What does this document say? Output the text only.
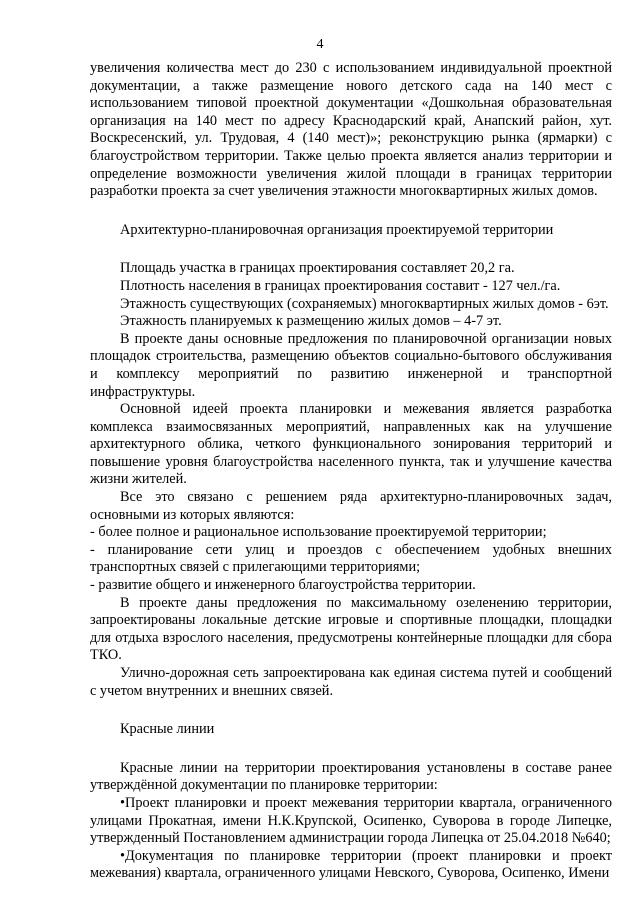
4

увеличения количества мест до 230 с использованием индивидуальной проектной документации, а также размещение нового детского сада на 140 мест с использованием типовой проектной документации «Дошкольная образовательная организация на 140 мест по адресу Краснодарский край, Анапский район, хут. Воскресенский, ул. Трудовая, 4 (140 мест)»; реконструкцию рынка (ярмарки) с благоустройством территории. Также целью проекта является анализ территории и определение возможности увеличения жилой площади в границах территории разработки проекта за счет увеличения этажности многоквартирных жилых домов.

Архитектурно-планировочная организация проектируемой территории

Площадь участка в границах проектирования составляет 20,2 га.

Плотность населения в границах проектирования составит - 127 чел./га.

Этажность существующих (сохраняемых) многоквартирных жилых домов - 6эт.

Этажность планируемых к размещению жилых домов – 4-7 эт.

В проекте даны основные предложения по планировочной организации новых площадок строительства, размещению объектов социально-бытового обслуживания и комплексу мероприятий по развитию инженерной и транспортной инфраструктуры.

Основной идеей проекта планировки и межевания является разработка комплекса взаимосвязанных мероприятий, направленных как на улучшение архитектурного облика, четкого функционального зонирования территорий и повышение уровня благоустройства населенного пункта, так и улучшение качества жизни жителей.

Все это связано с решением ряда архитектурно-планировочных задач, основными из которых являются:

- более полное и рациональное использование проектируемой территории;

- планирование сети улиц и проездов с обеспечением удобных внешних транспортных связей с прилегающими территориями;

- развитие общего и инженерного благоустройства территории.

В проекте даны предложения по максимальному озеленению территории, запроектированы локальные детские игровые и спортивные площадки, площадки для отдыха взрослого населения, предусмотрены контейнерные площадки для сбора ТКО.

Улично-дорожная сеть запроектирована как единая система путей и сообщений с учетом внутренних и внешних связей.

Красные линии

Красные линии на территории проектирования установлены в составе ранее утверждённой документации по планировке территории:

•Проект планировки и проект межевания территории квартала, ограниченного улицами Прокатная, имени Н.К.Крупской, Осипенко, Суворова в городе Липецке, утвержденный Постановлением администрации города Липецка от 25.04.2018 №640;

•Документация по планировке территории (проект планировки и проект межевания) квартала, ограниченного улицами Невского, Суворова, Осипенко, Имени
